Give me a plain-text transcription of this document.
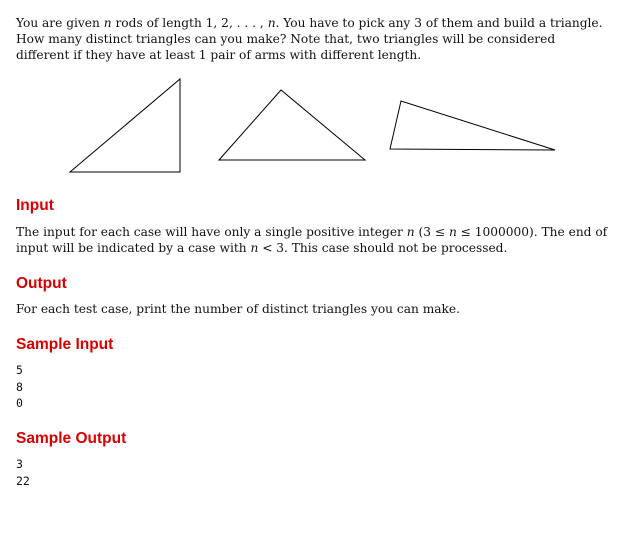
You are given n rods of length 1, 2, . . . , n. You have to pick any 3 of them and build a triangle. How many distinct triangles can you make? Note that, two triangles will be considered different if they have at least 1 pair of arms with different length.

Input

The input for each case will have only a single positive integer n (3 ≤ n ≤ 1000000). The end of input will be indicated by a case with n < 3. This case should not be processed.

Output

For each test case, print the number of distinct triangles you can make.

Sample Input
5
8
0
Sample Output
3
22
